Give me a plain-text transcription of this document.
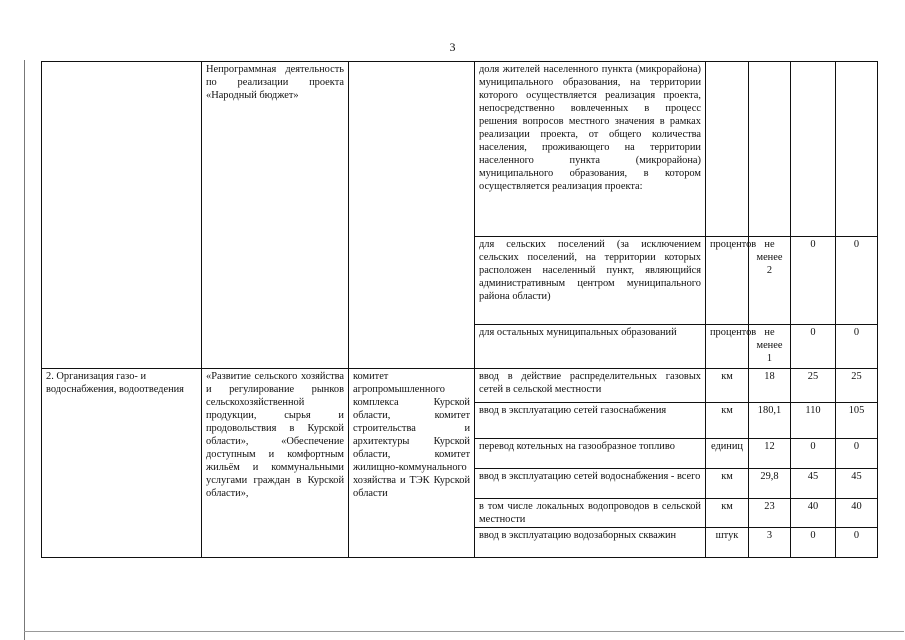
3
	Непрограммная деятельность по реализации проекта «Народный бюджет»		доля жителей населенного пункта (микрорайона) муниципального образования, на территории которого осуществляется реализация проекта, непосредственно вовлеченных в процесс решения вопросов местного значения в рамках реализации проекта, от общего количества населения, проживающего на территории населенного пункта (микрорайона) муниципального образования, в котором осуществляется реализация проекта:				
			для сельских поселений (за исключением сельских поселений, на территории которых расположен населенный пункт, являющийся административным центром муниципального района области)	процентов	не менее 2	0	0
			для остальных муниципальных образований	процентов	не менее 1	0	0
2. Организация газо- и водоснабжения, водоотведения	«Развитие сельского хозяйства и регулирование рынков сельскохозяйственной продукции, сырья и продовольствия в Курской области», «Обеспечение доступным и комфортным жильём и коммунальными услугами граждан в Курской области»,	комитет агропромышленного комплекса Курской области, комитет строительства и архитектуры Курской области, комитет жилищно-коммунального хозяйства и ТЭК Курской области	ввод в действие распределительных газовых сетей в сельской местности	км	18	25	25
			ввод в эксплуатацию сетей газоснабжения	км	180,1	110	105
			перевод котельных на газообразное топливо	единиц	12	0	0
			ввод в эксплуатацию сетей водоснабжения - всего	км	29,8	45	45
			в том числе локальных водопроводов в сельской местности	км	23	40	40
			ввод в эксплуатацию водозаборных скважин	штук	3	0	0
